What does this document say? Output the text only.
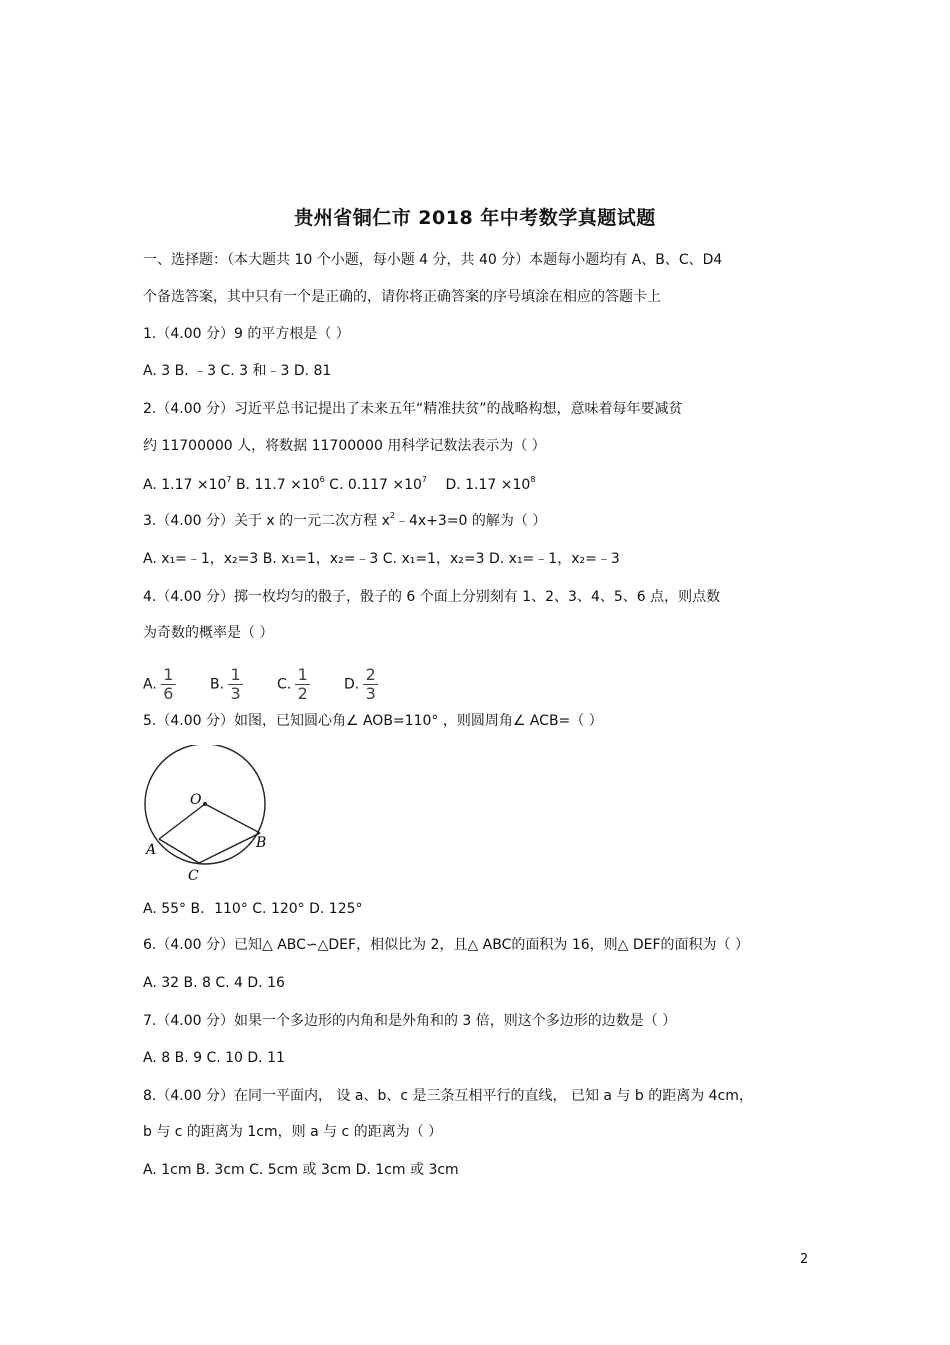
贵州省铜仁市 2018 年中考数学真题试题
一、选择题：（本大题共 10 个小题，每小题 4 分，共 40 分）本题每小题均有 A、B、C、D4
个备选答案，其中只有一个是正确的，请你将正确答案的序号填涂在相应的答题卡上
1.（4.00 分）9 的平方根是（ ）
A. 3 B. ﹣3 C. 3 和﹣3 D. 81
2.（4.00 分）习近平总书记提出了未来五年“精准扶贫”的战略构想，意味着每年要减贫
约 11700000 人，将数据 11700000 用科学记数法表示为（ ）
A. $1.17 \times 10^7$ B. $11.7 \times 10^6$ C. $0.117 \times 10^7$ D. $1.17 \times 10^8$
3.（4.00 分）关于 x 的一元二次方程 $x^2﹣4x+3=0$ 的解为（ ）
A. x₁=﹣1，x₂=3 B. x₁=1，x₂=﹣3 C. x₁=1，x₂=3 D. x₁=﹣1，x₂=﹣3
4.（4.00 分）掷一枚均匀的骰子，骰子的 6 个面上分别刻有 1、2、3、4、5、6 点，则点数
为奇数的概率是（ ）
A. $\frac{1}{6} B$. $\frac{1}{3} C$. $\frac{1}{2} D$. $\frac{2}{3}$
5.（4.00 分）如图，已知圆心角∠ AOB=110° ，则圆周角∠ ACB=（ ）
O
A	B
C
A. 55° B．110° C. 120° D. 125°
6.（4.00 分）已知△ ABC∽△DEF，相似比为 2，且△ ABC的面积为 16，则△ DEF的面积为（ ）
A. 32 B. 8 C. 4 D. 16
7.（4.00 分）如果一个多边形的内角和是外角和的 3 倍，则这个多边形的边数是（ ）
A. 8 B. 9 C. 10 D. 11
8.（4.00 分）在同一平面内， 设 a、b、c 是三条互相平行的直线， 已知 a 与 b 的距离为 4cm，
b 与 c 的距离为 1cm，则 a 与 c 的距离为（ ）
A. 1cm B. 3cm C. 5cm 或 3cm D. 1cm 或 3cm
2
